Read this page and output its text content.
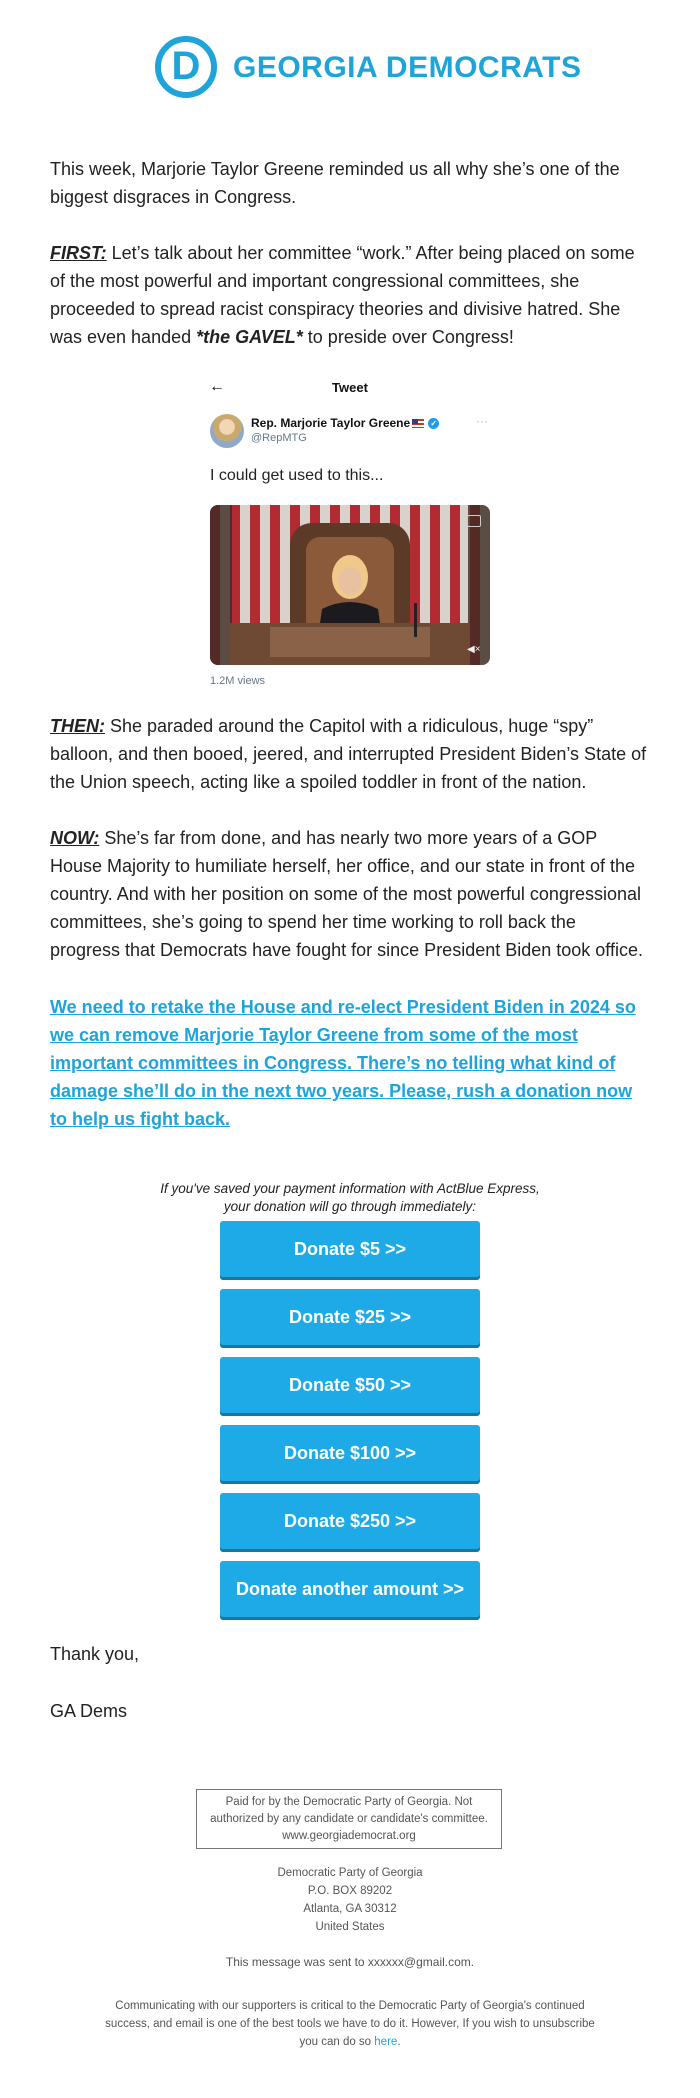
D GEORGIA DEMOCRATS
This week, Marjorie Taylor Greene reminded us all why she’s one of the biggest disgraces in Congress.
FIRST: Let’s talk about her committee “work.” After being placed on some of the most powerful and important congressional committees, she proceeded to spread racist conspiracy theories and divisive hatred. She was even handed *the GAVEL* to preside over Congress!
←	Tweet
Rep. Marjorie Taylor Greene	✓
@RepMTG
···
I could get used to this...
◀×
1.2M views
THEN: She paraded around the Capitol with a ridiculous, huge “spy” balloon, and then booed, jeered, and interrupted President Biden’s State of the Union speech, acting like a spoiled toddler in front of the nation.
NOW: She’s far from done, and has nearly two more years of a GOP House Majority to humiliate herself, her office, and our state in front of the country. And with her position on some of the most powerful congressional committees, she’s going to spend her time working to roll back the progress that Democrats have fought for since President Biden took office.
We need to retake the House and re-elect President Biden in 2024 so we can remove Marjorie Taylor Greene from some of the most important committees in Congress. There’s no telling what kind of damage she’ll do in the next two years. Please, rush a donation now to help us fight back.
If you've saved your payment information with ActBlue Express,
your donation will go through immediately:
Donate $5 >>
Donate $25 >>
Donate $50 >>
Donate $100 >>
Donate $250 >>
Donate another amount >>
Thank you,
GA Dems
Paid for by the Democratic Party of Georgia. Not
authorized by any candidate or candidate's committee.
www.georgiademocrat.org
Democratic Party of Georgia
P.O. BOX 89202
Atlanta, GA 30312
United States
This message was sent to xxxxxx@gmail.com.
Communicating with our supporters is critical to the Democratic Party of Georgia's continued success, and email is one of the best tools we have to do it. However, If you wish to unsubscribe you can do so here.
